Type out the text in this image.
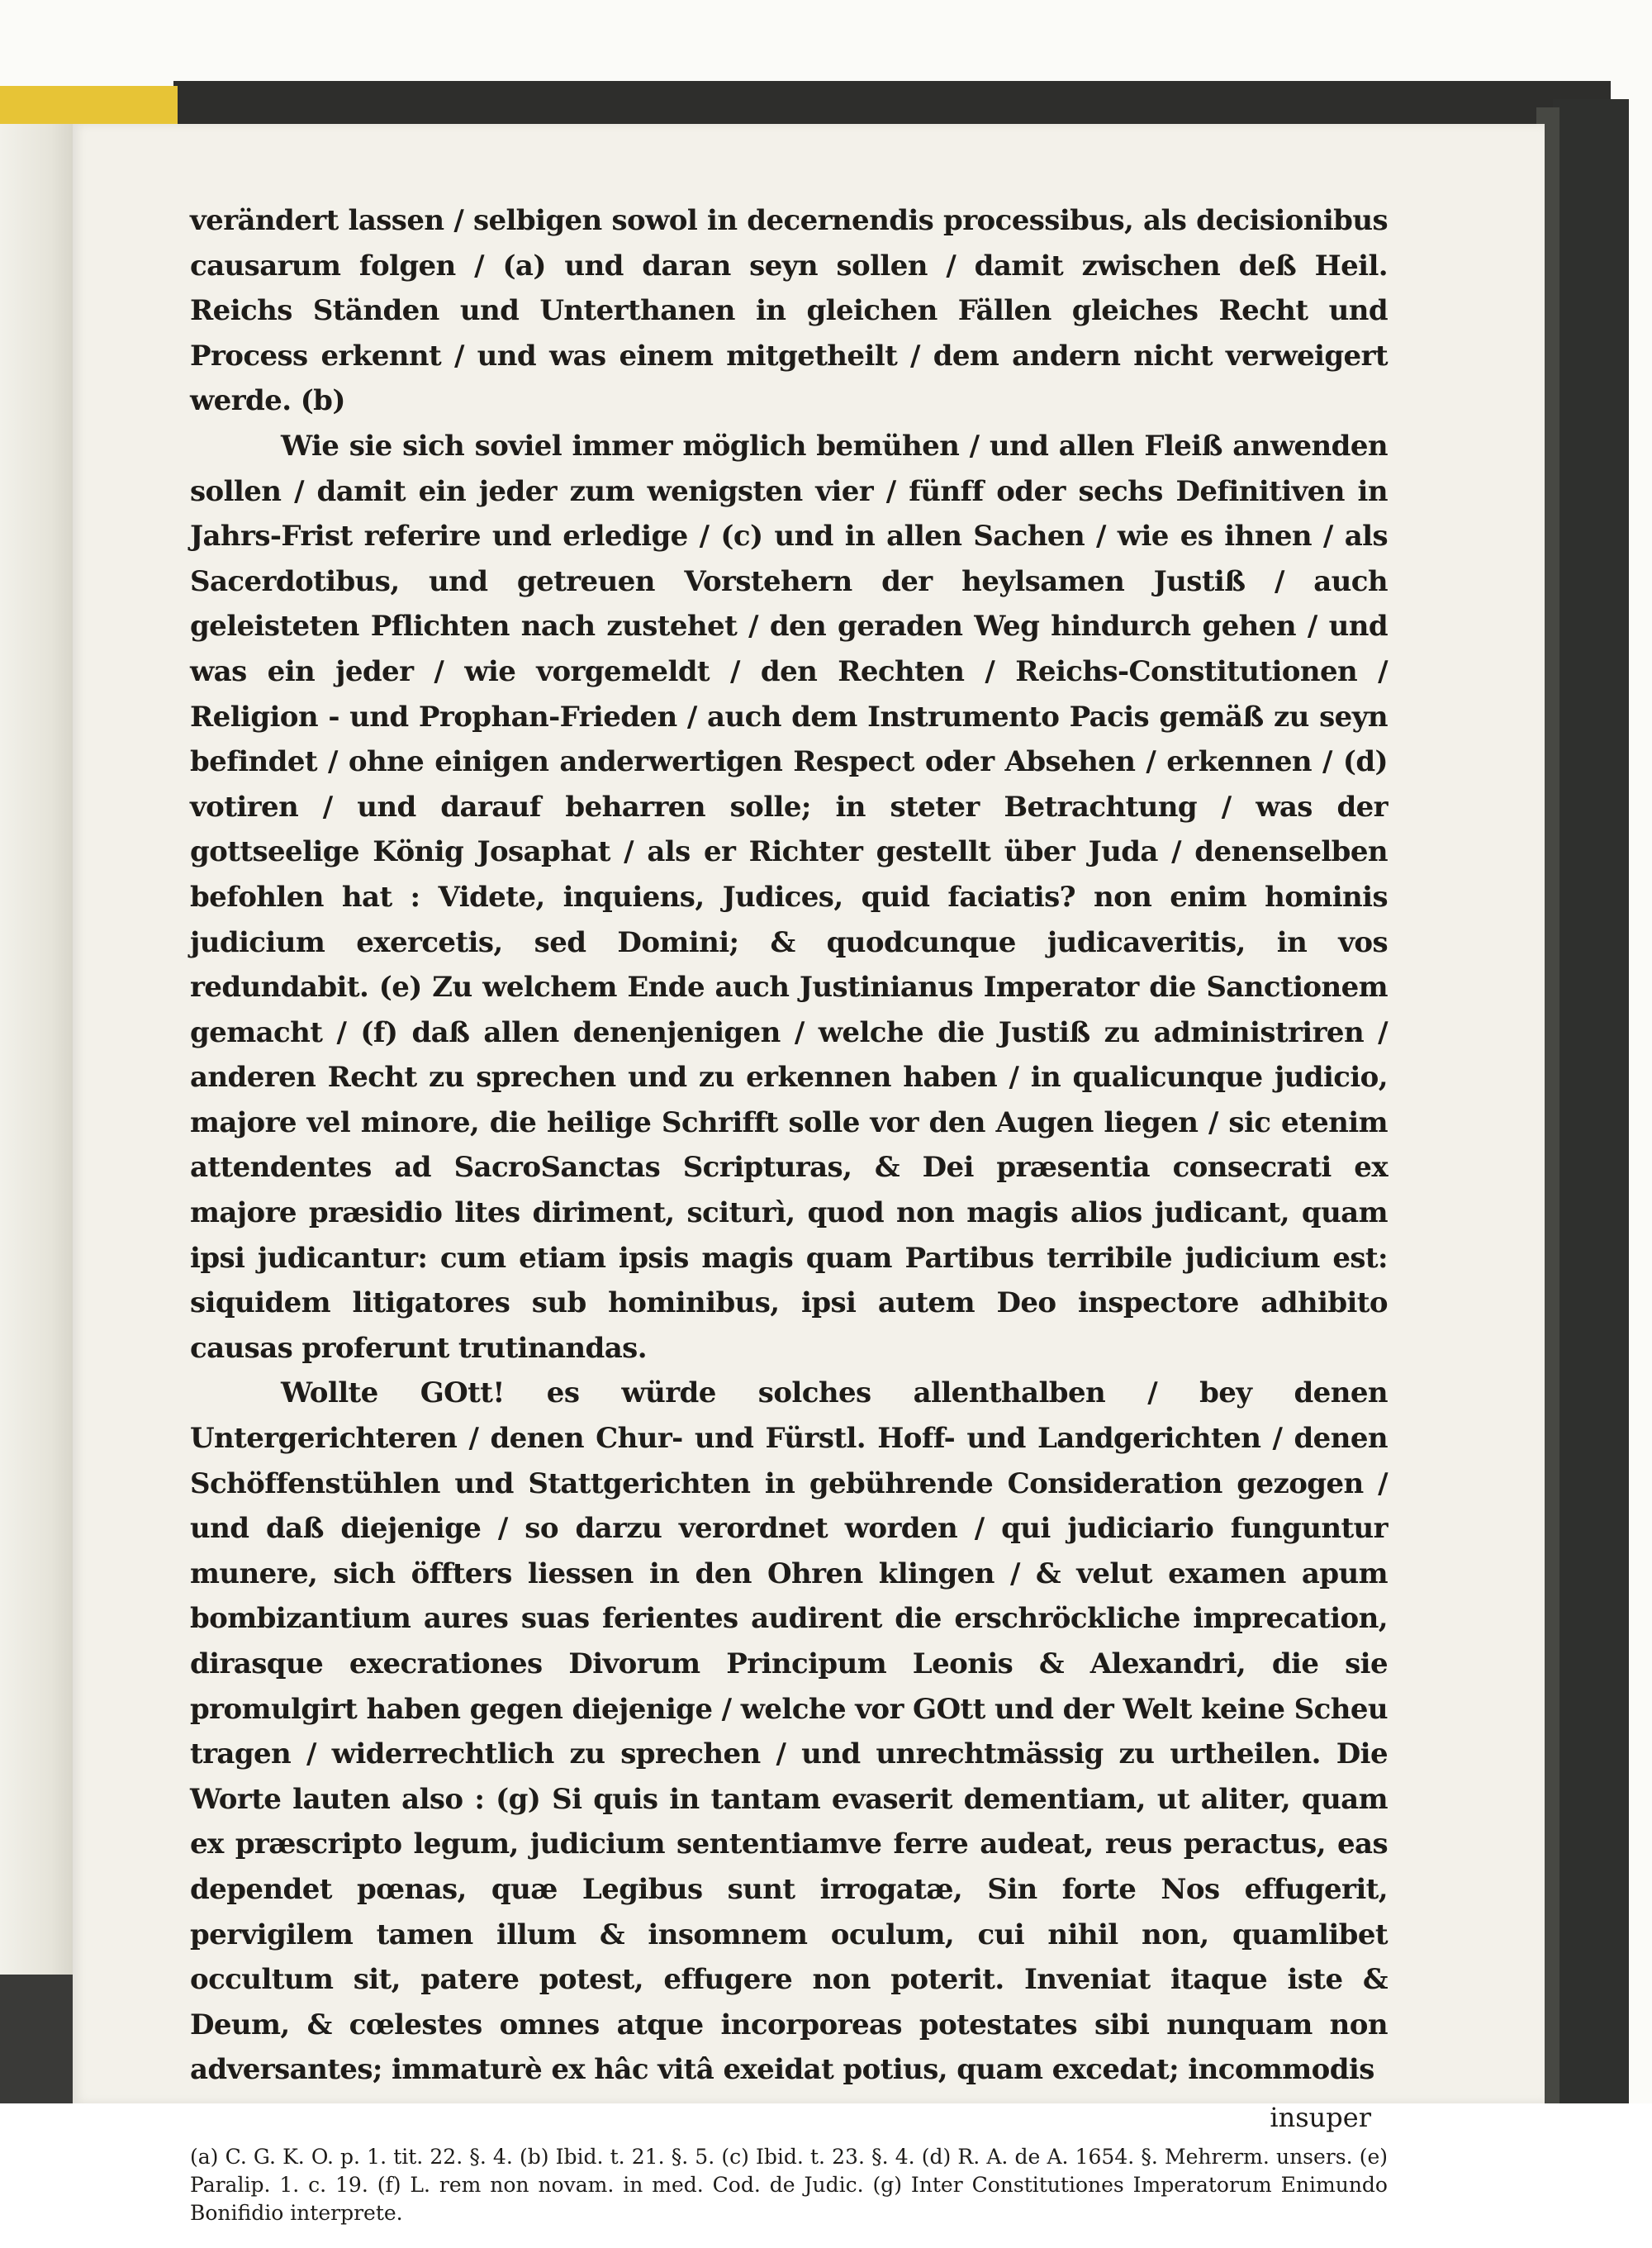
verändert lassen / selbigen sowol in decernendis processibus, als decisionibus causarum folgen / (a) und daran seyn sollen / damit zwischen deß Heil. Reichs Ständen und Unterthanen in gleichen Fällen gleiches Recht und Process erkennt / und was einem mitgetheilt / dem andern nicht verweigert werde. (b)

Wie sie sich soviel immer möglich bemühen / und allen Fleiß anwenden sollen / damit ein jeder zum wenigsten vier / fünff oder sechs Definitiven in Jahrs-Frist referire und erledige / (c) und in allen Sachen / wie es ihnen / als Sacerdotibus, und getreuen Vorstehern der heylsamen Justiß / auch geleisteten Pflichten nach zustehet / den geraden Weg hindurch gehen / und was ein jeder / wie vorgemeldt / den Rechten / Reichs-Constitutionen / Religion - und Prophan-Frieden / auch dem Instrumento Pacis gemäß zu seyn befindet / ohne einigen anderwertigen Respect oder Absehen / erkennen / (d) votiren / und darauf beharren solle; in steter Betrachtung / was der gottseelige König Josaphat / als er Richter gestellt über Juda / denenselben befohlen hat : Videte, inquiens, Judices, quid faciatis? non enim hominis judicium exercetis, sed Domini; & quodcunque judicaveritis, in vos redundabit. (e) Zu welchem Ende auch Justinianus Imperator die Sanctionem gemacht / (f) daß allen denenjenigen / welche die Justiß zu administriren / anderen Recht zu sprechen und zu erkennen haben / in qualicunque judicio, majore vel minore, die heilige Schrifft solle vor den Augen liegen / sic etenim attendentes ad SacroSanctas Scripturas, & Dei præsentia consecrati ex majore præsidio lites diriment, sciturì, quod non magis alios judicant, quam ipsi judicantur: cum etiam ipsis magis quam Partibus terribile judicium est: siquidem litigatores sub hominibus, ipsi autem Deo inspectore adhibito causas proferunt trutinandas.

Wollte GOtt! es würde solches allenthalben / bey denen Untergerichteren / denen Chur- und Fürstl. Hoff- und Landgerichten / denen Schöffenstühlen und Stattgerichten in gebührende Consideration gezogen / und daß diejenige / so darzu verordnet worden / qui judiciario funguntur munere, sich öffters liessen in den Ohren klingen / & velut examen apum bombizantium aures suas ferientes audirent die erschröckliche imprecation, dirasque execrationes Divorum Principum Leonis & Alexandri, die sie promulgirt haben gegen diejenige / welche vor GOtt und der Welt keine Scheu tragen / widerrechtlich zu sprechen / und unrechtmässig zu urtheilen. Die Worte lauten also : (g) Si quis in tantam evaserit dementiam, ut aliter, quam ex præscripto legum, judicium sententiamve ferre audeat, reus peractus, eas dependet pœnas, quæ Legibus sunt irrogatæ, Sin forte Nos effugerit, pervigilem tamen illum & insomnem oculum, cui nihil non, quamlibet occultum sit, patere potest, effugere non poterit. Inveniat itaque iste & Deum, & cœlestes omnes atque incorporeas potestates sibi nunquam non adversantes; immaturè ex hâc vitâ exeidat potius, quam excedat; incommodis

insuper

(a) C. G. K. O. p. 1. tit. 22. §. 4. (b) Ibid. t. 21. §. 5. (c) Ibid. t. 23. §. 4. (d) R. A. de A. 1654. §. Mehrerm. unsers. (e) Paralip. 1. c. 19. (f) L. rem non novam. in med. Cod. de Judic. (g) Inter Constitutiones Imperatorum Enimundo Bonifidio interprete.
